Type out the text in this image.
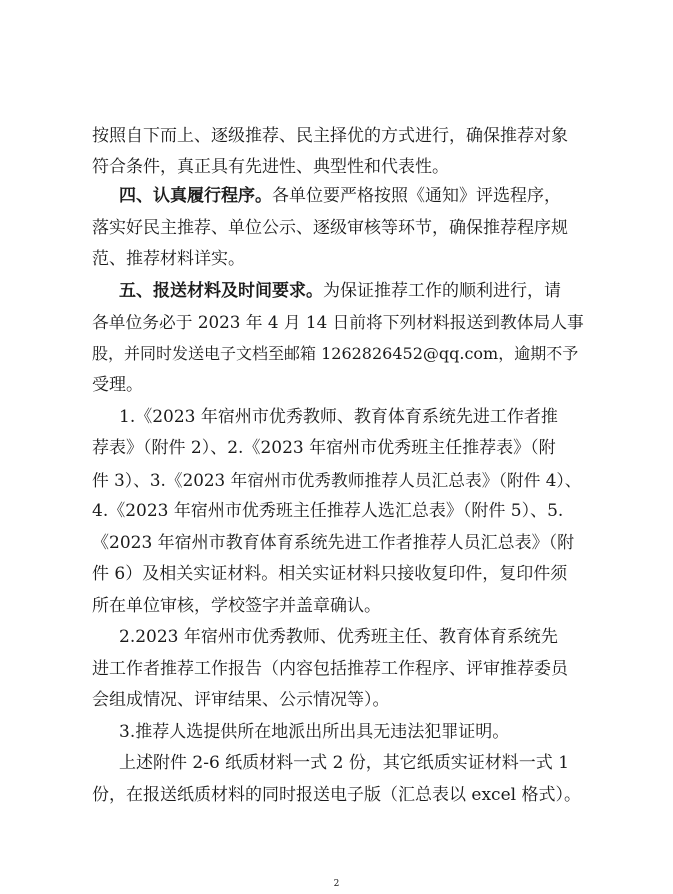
按照自下而上、逐级推荐、民主择优的方式进行，确保推荐对象
符合条件，真正具有先进性、典型性和代表性。
四、认真履行程序。各单位要严格按照《通知》评选程序，
落实好民主推荐、单位公示、逐级审核等环节，确保推荐程序规
范、推荐材料详实。
五、报送材料及时间要求。为保证推荐工作的顺利进行，请
各单位务必于 2023 年 4 月 14 日前将下列材料报送到教体局人事
股，并同时发送电子文档至邮箱 1262826452@qq.com，逾期不予
受理。
1.《2023 年宿州市优秀教师、教育体育系统先进工作者推
荐表》（附件 2）、2.《2023 年宿州市优秀班主任推荐表》（附
件 3）、3.《2023 年宿州市优秀教师推荐人员汇总表》（附件 4）、
4.《2023 年宿州市优秀班主任推荐人选汇总表》（附件 5）、5.
《2023 年宿州市教育体育系统先进工作者推荐人员汇总表》（附
件 6）及相关实证材料。相关实证材料只接收复印件，复印件须
所在单位审核，学校签字并盖章确认。
2.2023 年宿州市优秀教师、优秀班主任、教育体育系统先
进工作者推荐工作报告（内容包括推荐工作程序、评审推荐委员
会组成情况、评审结果、公示情况等）。
3.推荐人选提供所在地派出所出具无违法犯罪证明。
上述附件 2-6 纸质材料一式 2 份，其它纸质实证材料一式 1
份，在报送纸质材料的同时报送电子版（汇总表以 excel 格式）。
2
